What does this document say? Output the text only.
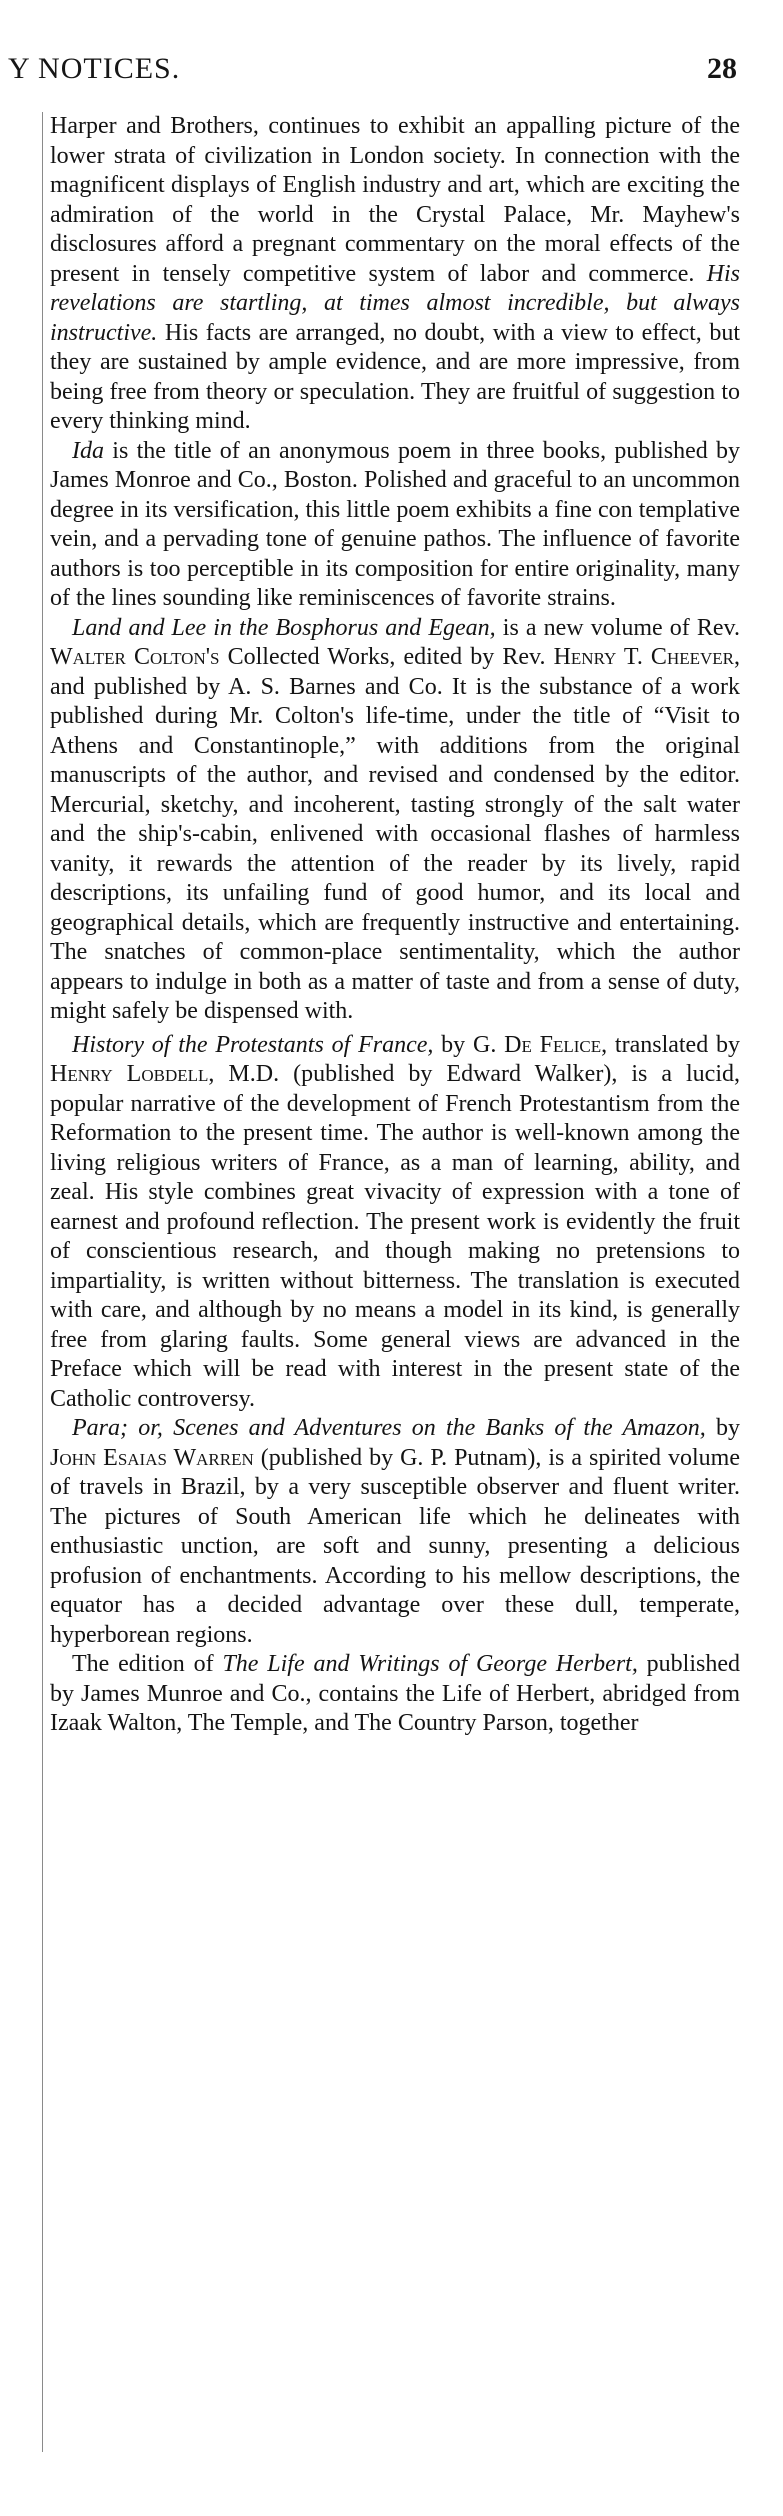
Y NOTICES.	28

Harper and Brothers, continues to exhibit an appalling picture of the lower strata of civilization in London society. In connection with the magnificent displays of English industry and art, which are exciting the admiration of the world in the Crystal Palace, Mr. Mayhew's disclosures afford a pregnant commentary on the moral effects of the present in tensely competitive system of labor and commerce. His revelations are startling, at times almost incredible, but always instructive. His facts are arranged, no doubt, with a view to effect, but they are sustained by ample evidence, and are more impressive, from being free from theory or speculation. They are fruitful of suggestion to every thinking mind.

Ida is the title of an anonymous poem in three books, published by James Monroe and Co., Boston. Polished and graceful to an uncommon degree in its versification, this little poem exhibits a fine con templative vein, and a pervading tone of genuine pathos. The influence of favorite authors is too perceptible in its composition for entire originality, many of the lines sounding like reminiscences of favorite strains.

Land and Lee in the Bosphorus and Egean, is a new volume of Rev. Walter Colton's Collected Works, edited by Rev. Henry T. Cheever, and published by A. S. Barnes and Co. It is the substance of a work published during Mr. Colton's life-time, under the title of “Visit to Athens and Constantinople,” with additions from the original manuscripts of the author, and revised and condensed by the editor. Mercurial, sketchy, and incoherent, tasting strongly of the salt water and the ship's-cabin, enlivened with occasional flashes of harmless vanity, it rewards the attention of the reader by its lively, rapid descriptions, its unfailing fund of good humor, and its local and geographical details, which are frequently instructive and entertaining. The snatches of common-place sentimentality, which the author appears to indulge in both as a matter of taste and from a sense of duty, might safely be dispensed with.

History of the Protestants of France, by G. De Felice, translated by Henry Lobdell, M.D. (published by Edward Walker), is a lucid, popular narrative of the development of French Protestantism from the Reformation to the present time. The author is well-known among the living religious writers of France, as a man of learning, ability, and zeal. His style combines great vivacity of expression with a tone of earnest and profound reflection. The present work is evidently the fruit of conscientious research, and though making no pretensions to impartiality, is written without bitterness. The translation is executed with care, and although by no means a model in its kind, is generally free from glaring faults. Some general views are advanced in the Preface which will be read with interest in the present state of the Catholic controversy.

Para; or, Scenes and Adventures on the Banks of the Amazon, by John Esaias Warren (published by G. P. Putnam), is a spirited volume of travels in Brazil, by a very susceptible observer and fluent writer. The pictures of South American life which he delineates with enthusiastic unction, are soft and sunny, presenting a delicious profusion of enchantments. According to his mellow descriptions, the equator has a decided advantage over these dull, temperate, hyperborean regions.

The edition of The Life and Writings of George Herbert, published by James Munroe and Co., contains the Life of Herbert, abridged from Izaak Walton, The Temple, and The Country Parson, together
